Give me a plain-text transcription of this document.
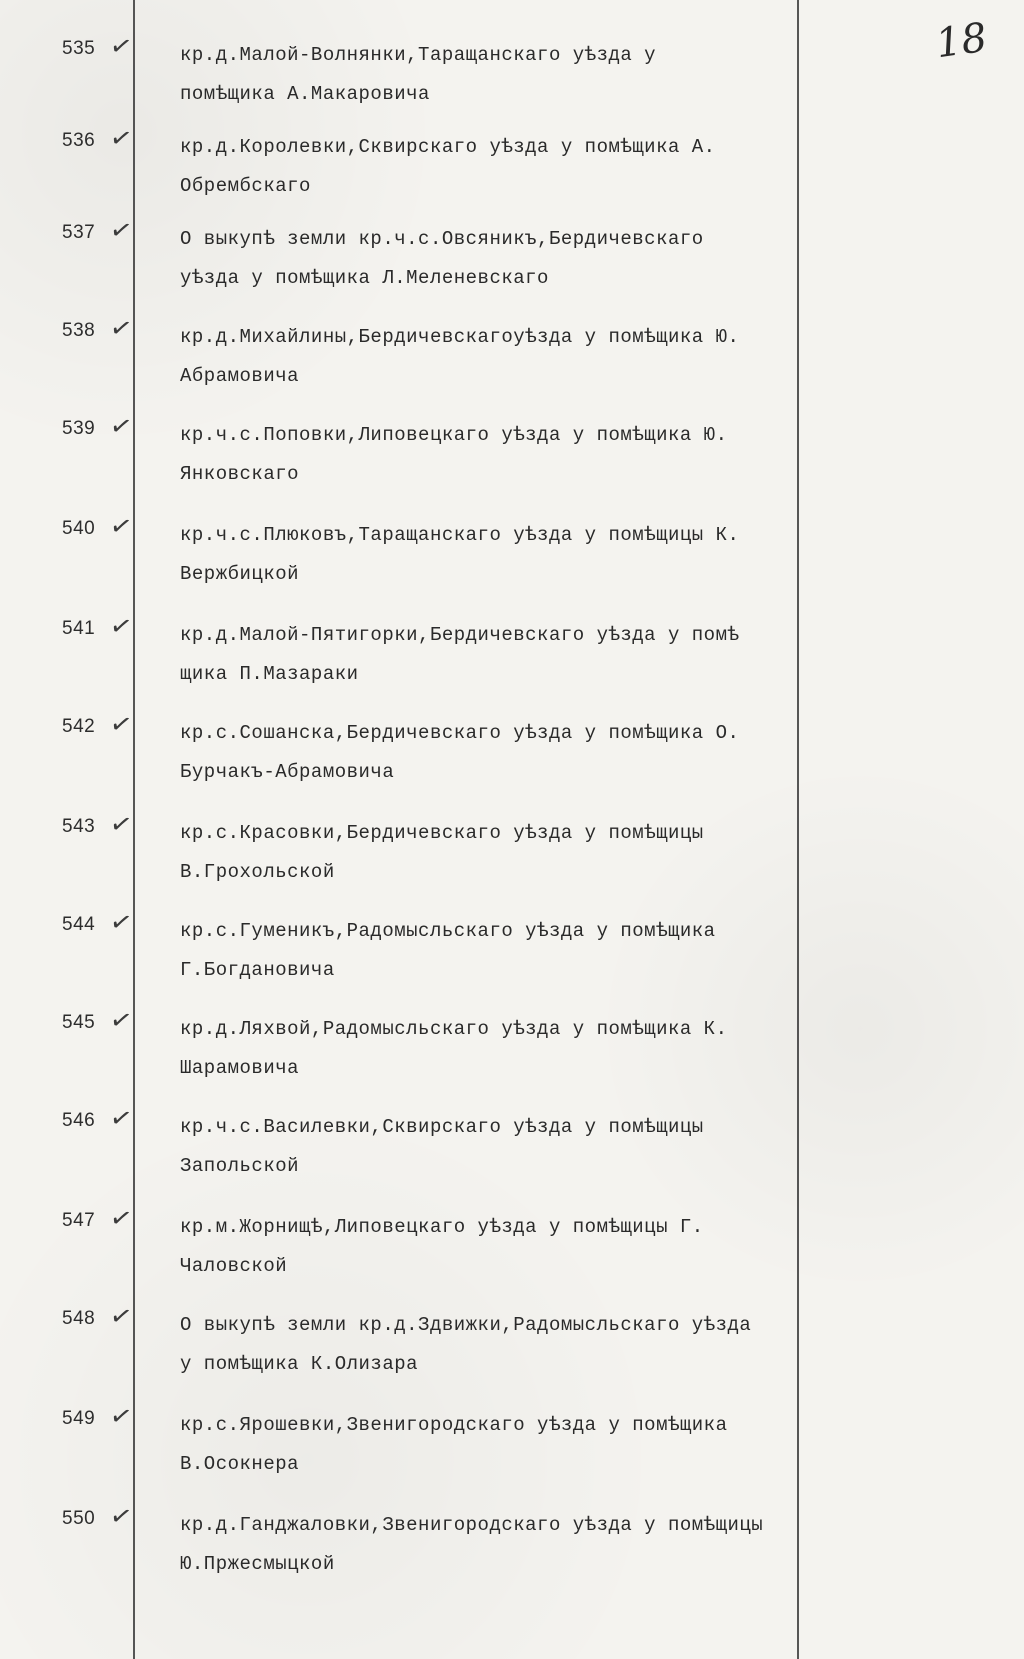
18
535 ✓ кр.д.Малой-Волнянки,Таращанскаго уѣзда у
помѣщика А.Макаровича
536 ✓ кр.д.Королевки,Сквирскаго уѣзда у помѣщика А.
Обрембскаго
537 ✓ О выкупѣ земли кр.ч.с.Овсяникъ,Бердичевскаго
уѣзда у помѣщика Л.Меленевскаго
538 ✓ кр.д.Михайлины,Бердичевскагоуѣзда у помѣщика Ю.
Абрамовича
539 ✓ кр.ч.с.Поповки,Липовецкаго уѣзда у помѣщика Ю.
Янковскаго
540 ✓ кр.ч.с.Плюковъ,Таращанскаго уѣзда у помѣщицы К.
Вержбицкой
541 ✓ кр.д.Малой-Пятигорки,Бердичевскаго уѣзда у помѣ
щика П.Мазараки
542 ✓ кр.с.Сошанска,Бердичевскаго уѣзда у помѣщика О.
Бурчакъ-Абрамовича
543 ✓ кр.с.Красовки,Бердичевскаго уѣзда у помѣщицы
В.Грохольской
544 ✓ кр.с.Гуменикъ,Радомысльскаго уѣзда у помѣщика
Г.Богдановича
545 ✓ кр.д.Ляхвой,Радомысльскаго уѣзда у помѣщика К.
Шарамовича
546 ✓ кр.ч.с.Василевки,Сквирскаго уѣзда у помѣщицы
Запольской
547 ✓ кр.м.Жорнищѣ,Липовецкаго уѣзда у помѣщицы Г.
Чаловской
548 ✓ О выкупѣ земли кр.д.Здвижки,Радомысльскаго уѣзда
у помѣщика К.Олизара
549 ✓ кр.с.Ярошевки,Звенигородскаго уѣзда у помѣщика
В.Осокнера
550 ✓ кр.д.Ганджаловки,Звенигородскаго уѣзда у помѣщицы
Ю.Пржесмыцкой
